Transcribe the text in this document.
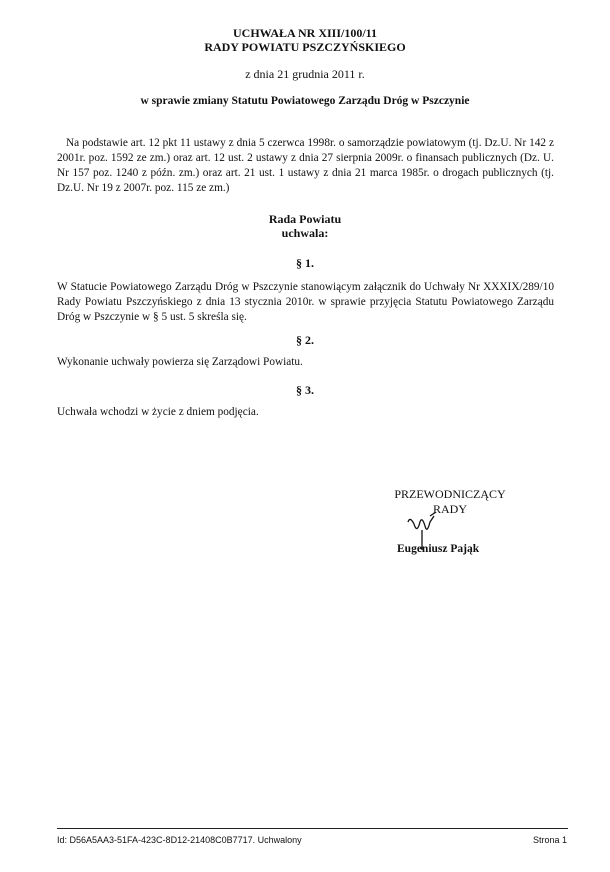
UCHWAŁA NR XIII/100/11
RADY POWIATU PSZCZYŃSKIEGO
z dnia 21 grudnia 2011 r.
w sprawie zmiany Statutu Powiatowego Zarządu Dróg w Pszczynie
Na podstawie art. 12 pkt 11 ustawy z dnia 5 czerwca 1998r. o samorządzie powiatowym (tj. Dz.U. Nr 142 z 2001r. poz. 1592 ze zm.) oraz art. 12 ust. 2 ustawy z dnia 27 sierpnia 2009r. o finansach publicznych (Dz. U. Nr 157 poz. 1240 z późn. zm.) oraz art. 21 ust. 1 ustawy z dnia 21 marca 1985r. o drogach publicznych (tj. Dz.U. Nr 19 z 2007r. poz. 115 ze zm.)
Rada Powiatu
uchwala:
§ 1.
W Statucie Powiatowego Zarządu Dróg w Pszczynie stanowiącym załącznik do Uchwały Nr XXXIX/289/10 Rady Powiatu Pszczyńskiego z dnia 13 stycznia 2010r. w sprawie przyjęcia Statutu Powiatowego Zarządu Dróg w Pszczynie w § 5 ust. 5 skreśla się.
§ 2.
Wykonanie uchwały powierza się Zarządowi Powiatu.
§ 3.
Uchwała wchodzi w życie z dniem podjęcia.
PRZEWODNICZĄCY
RADY
Eugeniusz Pająk
Id: D56A5AA3-51FA-423C-8D12-21408C0B7717. Uchwalony	Strona 1
